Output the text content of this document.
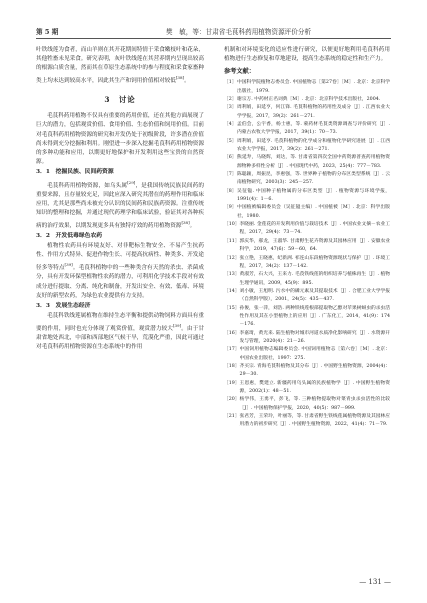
第 5 期	樊　敏，等：甘肃省毛茛科药用植物资源评价分析

叶铁线莲为食者，而山羊则在其开花期间特情于采食嫩枝叶和花朵，其他牲畜未见采食。研究表明，灰叶铁线莲在其营养期内呈现出较高的根源白质含量，然而其在草原生态系统中的参与程度和采食家畜种类上均未达到较高水平，因此其生产和饲用价值相对较低[38]。

3　讨论

毛茛科药用植物不仅具有重要的药用价值，还在其他方面展现了巨大的潜力，包括观赏价值、食用价值、生态价值和饲用价值。目前对毛茛科药用植物资源的研究和开发仍处于初级阶段，许多潜在价值尚未得到充分挖掘和利用。刚望进一步深入挖掘毛茛科药用植物资源的多种功能和应用，以期更好地保护和开发利用这些宝贵的自然资源。

3．1　挖掘民族、民间药资源

毛茛科药用植物资源，如乌头属[29]，是我国传统民族民间药的重要来源，且存量较充足，因此应深入研究其潜在的药理作用和临床应用，尤其是那些尚未被充分认识的民间药和民族药资源。注重传统知识的整理和挖掘，并通过现代药理学和临床试验，验证其对各种疾病的治疗效果，以期发现更多具有独特疗效的药用植物资源[38]。

3．2　开发低毒绿色农药

植物性农药具有环境友好、对非靶标生物安全、不易产生抗药性、作用方式特异、促进作物生长、可提高抗病性、种类多、开发途径多等特点[39]。毛茛科植物中的一些种类含有天然的杀虫、杀菌成分，具有开发环保型植物性农药的潜力，可利用化学技术手段对有效成分进行提取、分离、纯化和制备，开发出安全、有效、低毒、环境友好的新型农药，为绿色农业提供有力支持。

3．3　发展生态经济

毛茛科铁线莲属植物在维持生态平衡和提供动物饲料方面具有重要的作用，同时也充分体现了观赏价值，观赏潜力较大[39]。由于甘肃省地处西北，中部和西部地区气候干旱，荒漠化严重，因此可通过对毛茛科药用植物资源在生态系统中的作用

机制和对环境变化的适应性进行研究，以便更好地利用毛茛科药用植物进行生态修复和草地建设，提高生态系统的稳定性和生产力。

参考文献：
［1］ 中国科学院植物志委员会. 中国植物志［第27卷］［M］. 北京：北京科学出版社，1979.
［2］ 谢宗万. 中药材正名词典［M］. 北京：北京科学技术出版社，2004.
［3］ 周利娟，田延亨，何江锋. 毛茛科植物的药用性及成分［J］. 江西农业大学学报，2017，39(2)：261－271.
［4］ 孟伯会，公宇香，杨士惠，等. 蒙药材毛茛类资源调查与评价研究［J］. 内蒙古农牧大学学报，2017，39(1)：70－73.
［5］ 周利娟，田延亨. 毛茛科植物的化学成分和植物化学研究进展［J］. 江西农业大学学报，2017，39(2)：261－271.
［6］ 熊延寿，马晓辉，刘达，等. 甘肃省第四次全国中药资源普查药用植物资源物种多样性分析［J］. 中国现代中药，2023，25(4)：777－783.
［7］ 陈聪颖，周振昆，李惠强，等. 世界种子植物的分布区类型系统［J］. 云南植物研究，2003(3)：245－257.
［8］ 吴征镒. 中国种子植物属的分布区类型［J］. 植物资源与环境学报，1991(4)：1－6.
［9］ 中国植被编辑委员会（吴征镒主编）. 中国植被［M］. 北京：科学出版社，1980.
［10］ 李晓丽. 金莲花的开发利用价值与栽培技术［J］. 中国农业文摘－农业工程，2017，29(4)：73－74.
［11］ 郭庆华，郝龙，王淑华. 甘肃野生花卉资源及其园林应用［J］. 安徽农业科学，2019，47(6)：59－60，64.
［12］ 张立艳，王晓惠，纪新洲. 祁连山东段植物资源现状与保护［J］. 环境工程，2017，34(2)：137－142.
［13］ 黄淑芳，石大兴，王来力. 毛茛铁线莲的组织培养与植株再生［J］. 植物生理学通讯，2009，45(9)：895.
［14］ 刘小敏，王旭明. 污水中的磷元素及其提取技术［J］. 合肥工业大学学报（自然科学版），2001，24(5)：435－437.
［15］ 孙俊，张一萍，刘浩. 两种铁线莲根部提取物乙醇对苹果树蚜虫的杀虫活性作用及其在小型植物上的应用［J］. 广东化工，2014，41(9)：174－176.
［16］ 李嘉琦，黄光来. 陆生植物对城市河道水质净化影响研究［J］. 水资源开发与管理，2020(4)：21－26.
［17］ 中国饲用植物志编辑委员会. 中国饲用植物志［第六卷］［M］. 北京：中国农业出版社，1997：275.
［18］ 齐买宗. 青海毛茛科植物及其分布［J］. 中国野生植物资源，2004(4)：29－30.
［19］ 王恩惠，樊建立. 新疆药用乌头属的民族植物学［J］. 中国野生植物资源，2002(1)：48－51.
［20］ 杨学伟，王勇平，彭飞，等. 三种植物提取物对菜青虫杀虫活性的比较［J］. 中国植物保护学报，2020，40(5)：987－999.
［21］ 张君芳，王荣玲，叶丽等，等. 甘肃省野生铁线莲属植物资源及其园林应用潜力的初步研究［J］. 中国野生植物资源，2022，41(4)：71－79.
— 131 —
